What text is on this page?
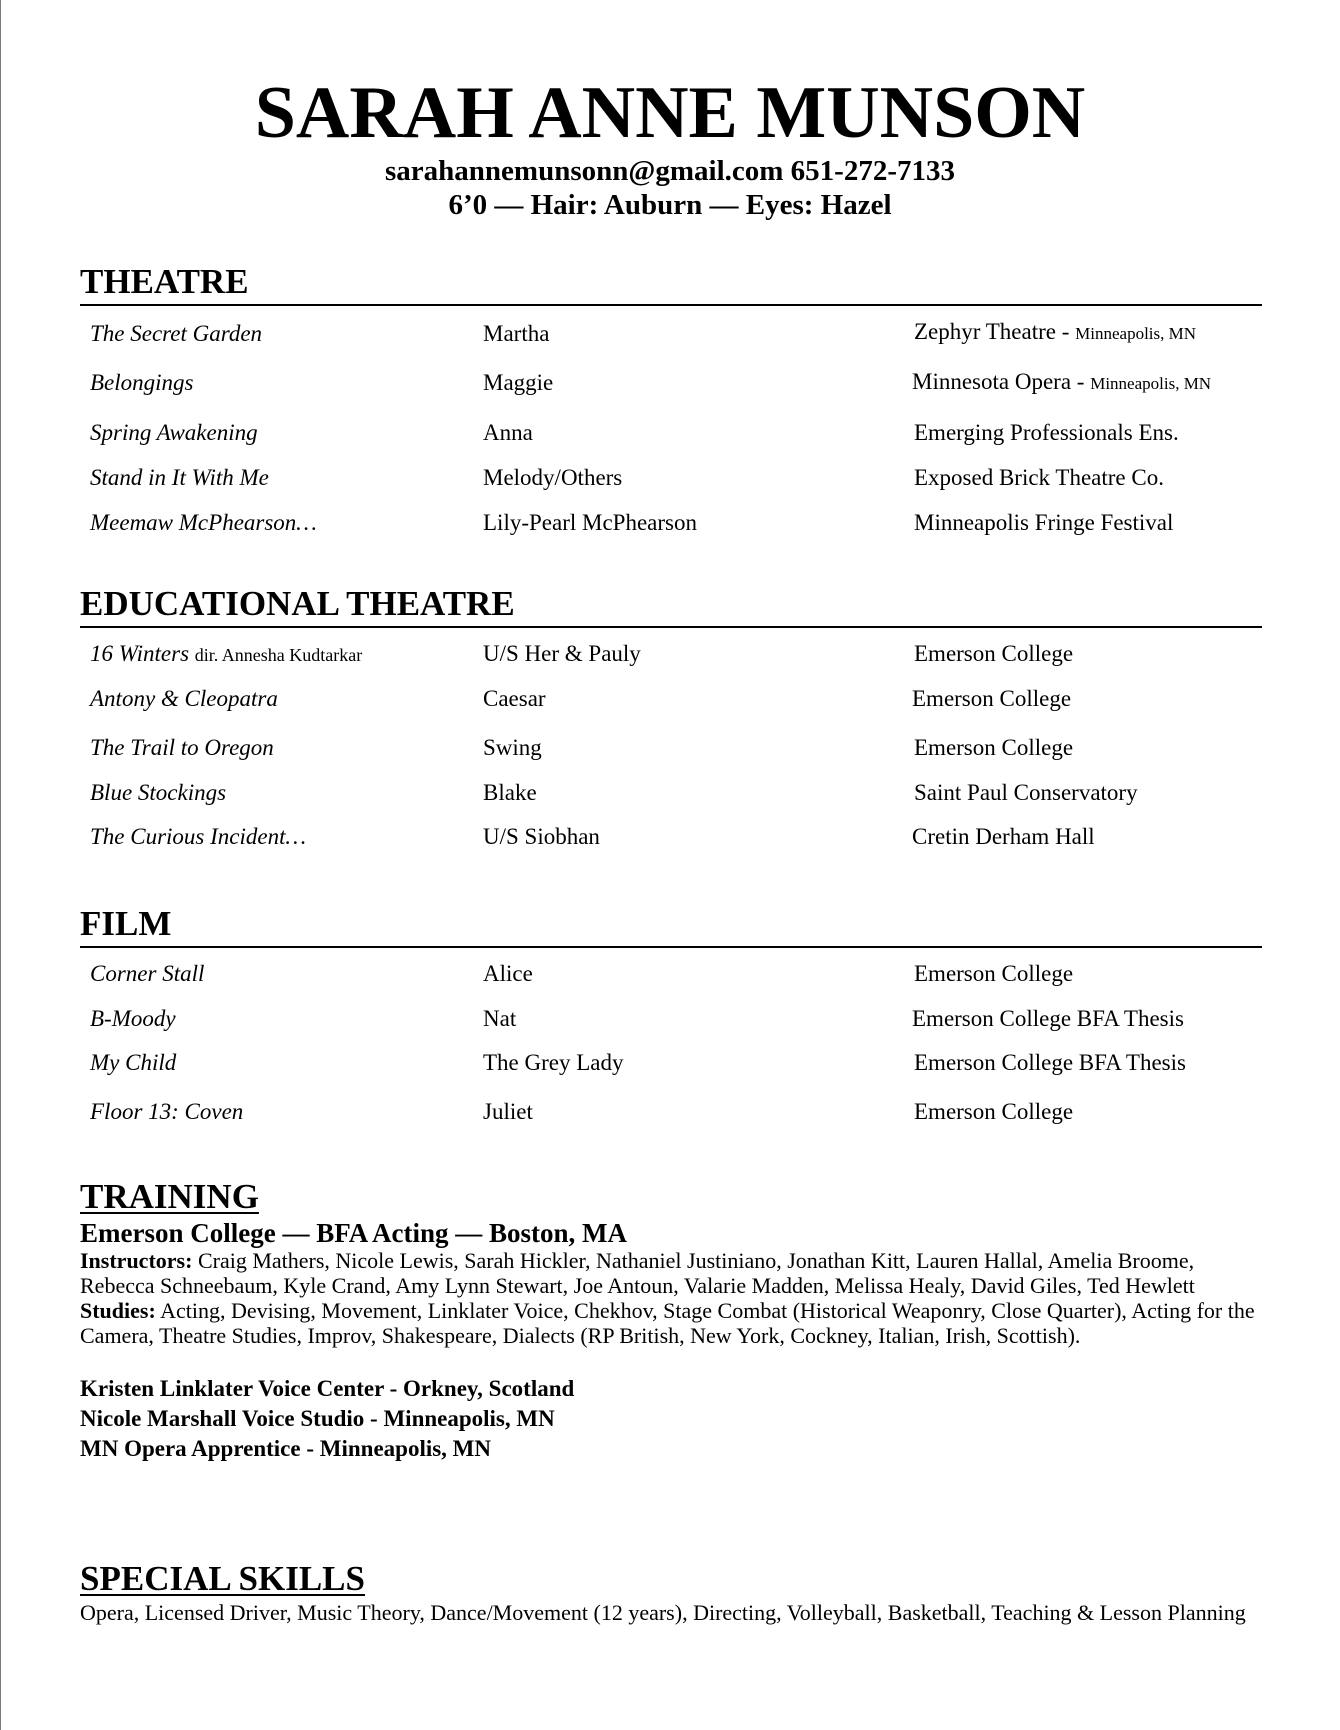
SARAH ANNE MUNSON
sarahannemunsonn@gmail.com 651-272-7133
6’0 — Hair: Auburn — Eyes: Hazel
THEATRE
The Secret Garden	Martha	Zephyr Theatre - Minneapolis, MN
Belongings	Maggie	Minnesota Opera - Minneapolis, MN
Spring Awakening	Anna	Emerging Professionals Ens.
Stand in It With Me	Melody/Others	Exposed Brick Theatre Co.
Meemaw McPhearson…	Lily-Pearl McPhearson	Minneapolis Fringe Festival
EDUCATIONAL THEATRE
16 Winters dir. Annesha Kudtarkar	U/S Her & Pauly	Emerson College
Antony & Cleopatra	Caesar	Emerson College
The Trail to Oregon	Swing	Emerson College
Blue Stockings	Blake	Saint Paul Conservatory
The Curious Incident…	U/S Siobhan	Cretin Derham Hall
FILM
Corner Stall	Alice	Emerson College
B-Moody	Nat	Emerson College BFA Thesis
My Child	The Grey Lady	Emerson College BFA Thesis
Floor 13: Coven	Juliet	Emerson College
TRAINING
Emerson College — BFA Acting — Boston, MA
Instructors: Craig Mathers, Nicole Lewis, Sarah Hickler, Nathaniel Justiniano, Jonathan Kitt, Lauren Hallal, Amelia Broome, Rebecca Schneebaum, Kyle Crand, Amy Lynn Stewart, Joe Antoun, Valarie Madden, Melissa Healy, David Giles, Ted Hewlett
Studies: Acting, Devising, Movement, Linklater Voice, Chekhov, Stage Combat (Historical Weaponry, Close Quarter), Acting for the Camera, Theatre Studies, Improv, Shakespeare, Dialects (RP British, New York, Cockney, Italian, Irish, Scottish).
Kristen Linklater Voice Center - Orkney, Scotland
Nicole Marshall Voice Studio - Minneapolis, MN
MN Opera Apprentice - Minneapolis, MN
SPECIAL SKILLS
Opera, Licensed Driver, Music Theory, Dance/Movement (12 years), Directing, Volleyball, Basketball, Teaching & Lesson Planning
